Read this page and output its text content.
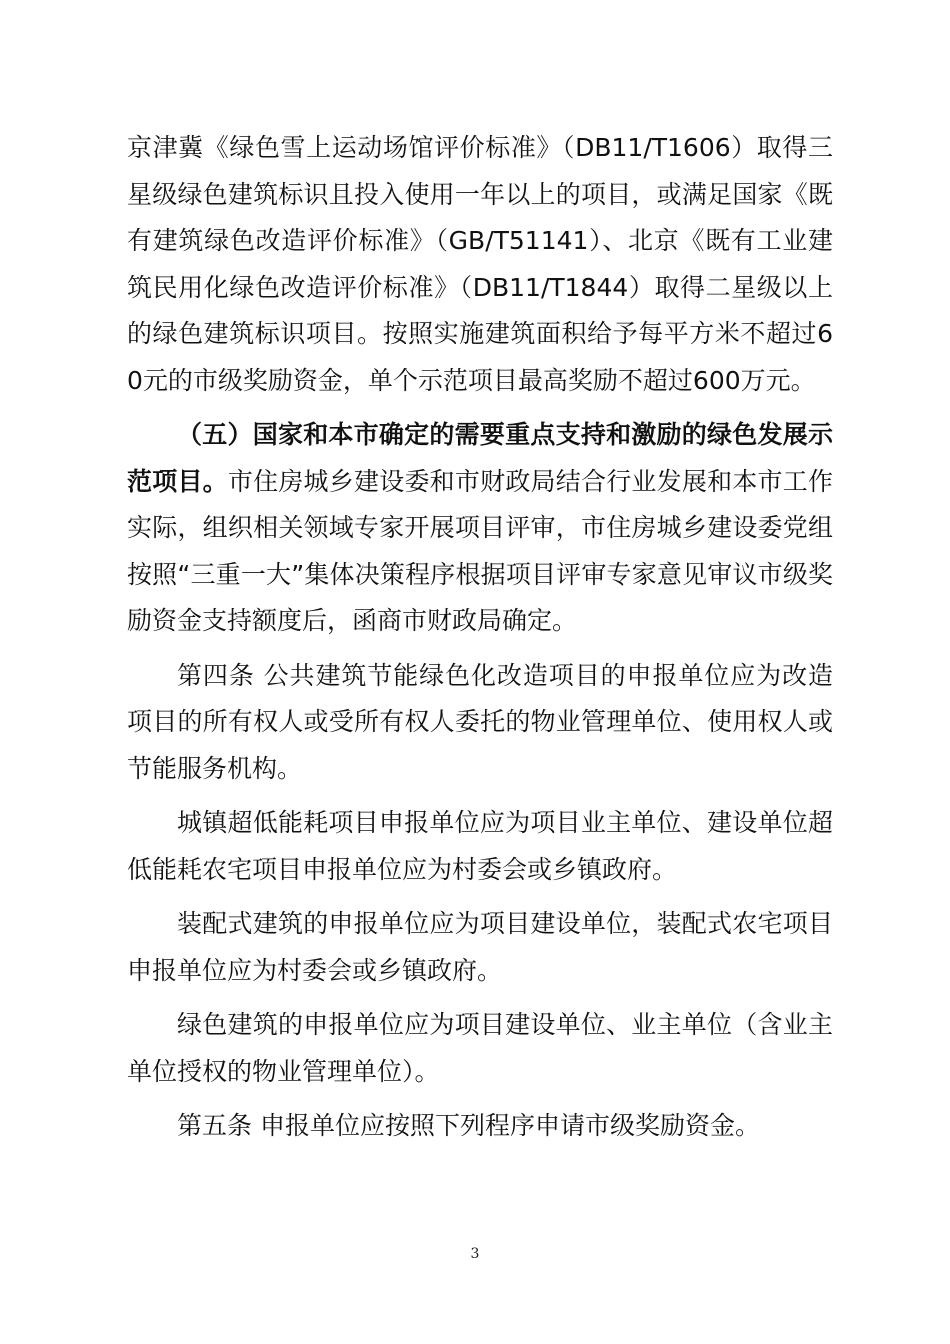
京津冀《绿色雪上运动场馆评价标准》（DB11/T1606）取得三星级绿色建筑标识且投入使用一年以上的项目，或满足国家《既有建筑绿色改造评价标准》（GB/T51141）、北京《既有工业建筑民用化绿色改造评价标准》（DB11/T1844）取得二星级以上的绿色建筑标识项目。按照实施建筑面积给予每平方米不超过60元的市级奖励资金，单个示范项目最高奖励不超过600万元。

（五）国家和本市确定的需要重点支持和激励的绿色发展示范项目。市住房城乡建设委和市财政局结合行业发展和本市工作实际，组织相关领域专家开展项目评审，市住房城乡建设委党组按照“三重一大”集体决策程序根据项目评审专家意见审议市级奖励资金支持额度后，函商市财政局确定。

第四条 公共建筑节能绿色化改造项目的申报单位应为改造项目的所有权人或受所有权人委托的物业管理单位、使用权人或节能服务机构。

城镇超低能耗项目申报单位应为项目业主单位、建设单位超低能耗农宅项目申报单位应为村委会或乡镇政府。

装配式建筑的申报单位应为项目建设单位，装配式农宅项目申报单位应为村委会或乡镇政府。

绿色建筑的申报单位应为项目建设单位、业主单位（含业主单位授权的物业管理单位）。

第五条 申报单位应按照下列程序申请市级奖励资金。

3
